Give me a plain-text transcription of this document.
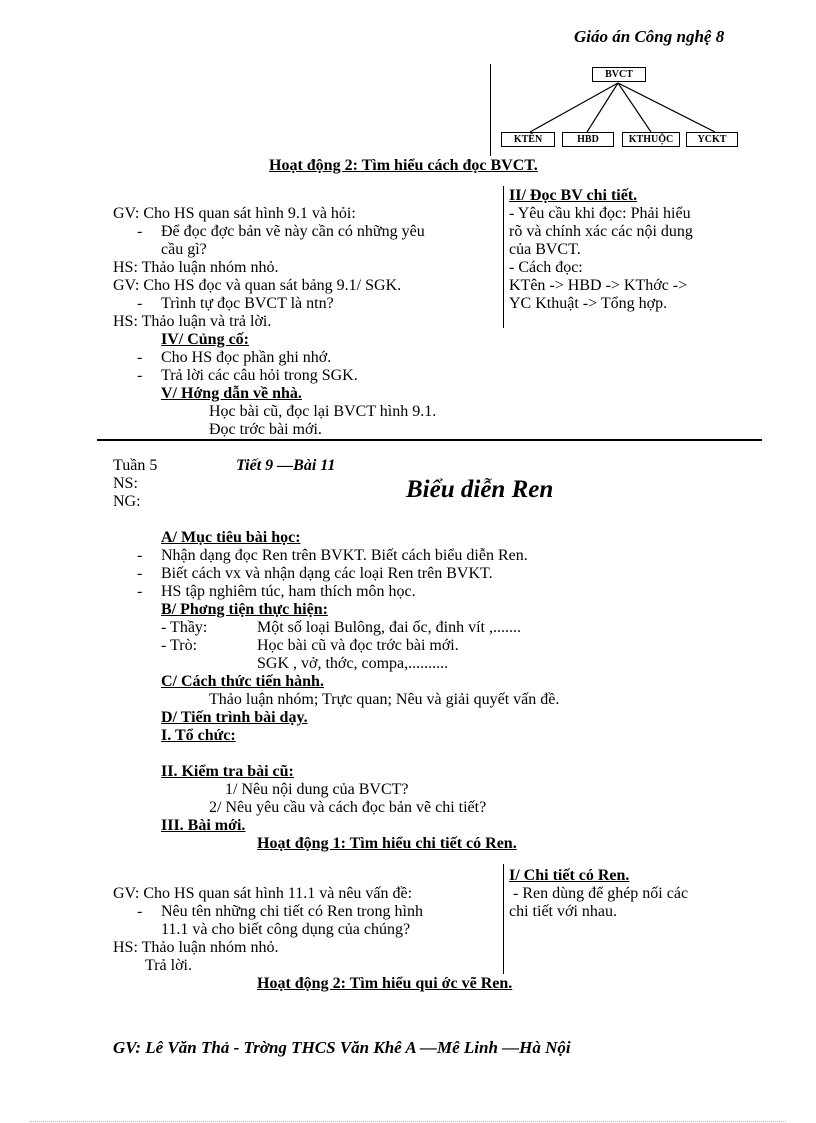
Giáo án Công nghệ 8
BVCT
KTÊN	HBD	KTHUỘC	YCKT
Hoạt động 2: Tìm hiểu cách đọc BVCT.
II/ Đọc BV chi tiết.
- Yêu cầu khi đọc: Phải hiểu
rõ và chính xác các nội dung
của BVCT.
- Cách đọc:
KTên -> HBD -> KThớc ->
YC Kthuật -> Tổng hợp.
GV: Cho HS quan sát hình 9.1 và hỏi:
- Để đọc đợc bản vẽ này cần có những yêu
cầu gì?
HS: Thảo luận nhóm nhỏ.
GV: Cho HS đọc và quan sát bảng 9.1/ SGK.
- Trình tự đọc BVCT là ntn?
HS: Thảo luận và trả lời.
IV/ Củng cố:
- Cho HS đọc phần ghi nhớ.
- Trả lời các câu hỏi trong SGK.
V/ Hớng dẫn về nhà.
Học bài cũ, đọc lại BVCT hình 9.1.
Đọc trớc bài mới.
Tuần 5	Tiết 9 —Bài 11
NS:
NG:	Biểu diễn Ren
A/ Mục tiêu bài học:
- Nhận dạng đọc Ren trên BVKT. Biết cách biểu diễn Ren.
- Biết cách vx và nhận dạng các loại Ren trên BVKT.
- HS tập nghiêm túc, ham thích môn học.
B/ Phơng tiện thực hiện:
- Thầy:	Một số loại Bulông, đai ốc, đinh vít ,.......
- Trò:	Học bài cũ và đọc trớc bài mới.
SGK , vở, thớc, compa,..........
C/ Cách thức tiến hành.
Thảo luận nhóm; Trực quan; Nêu và giải quyết vấn đề.
D/ Tiến trình bài dạy.
I. Tổ chức:
II. Kiểm tra bài cũ:
1/ Nêu nội dung của BVCT?
2/ Nêu yêu cầu và cách đọc bản vẽ chi tiết?
III. Bài mới.
Hoạt động 1: Tìm hiểu chi tiết có Ren.
I/ Chi tiết có Ren.
- Ren dùng để ghép nối các
chi tiết với nhau.
GV: Cho HS quan sát hình 11.1 và nêu vấn đề:
- Nêu tên những chi tiết có Ren trong hình
11.1 và cho biết công dụng của chúng?
HS: Thảo luận nhóm nhỏ.
Trả lời.
Hoạt động 2: Tìm hiểu qui ớc vẽ Ren.
GV: Lê Văn Thả - Trờng THCS Văn Khê A —Mê Linh —Hà Nội
